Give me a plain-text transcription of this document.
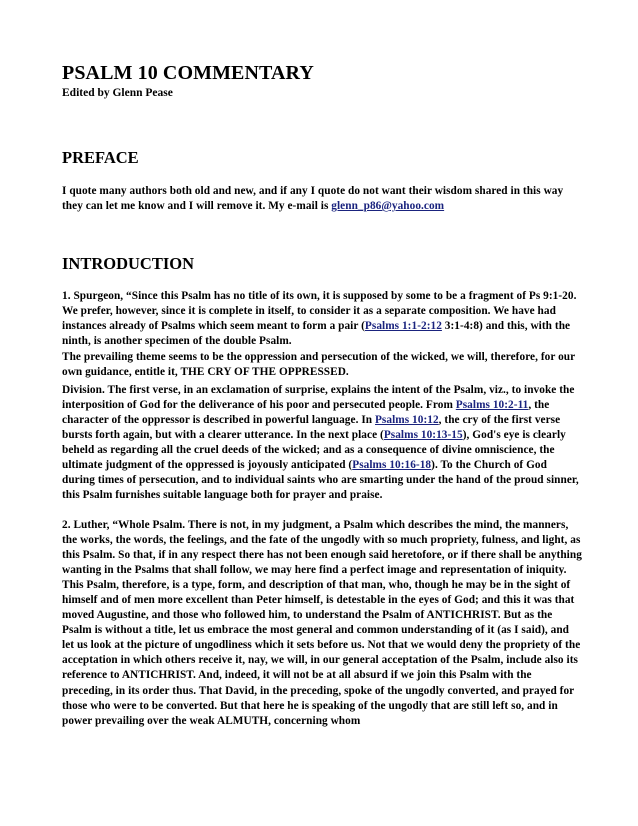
PSALM 10 COMMENTARY
Edited by Glenn Pease
PREFACE

I quote many authors both old and new, and if any I quote do not want their wisdom shared in this way they can let me know and I will remove it. My e-mail is glenn_p86@yahoo.com

INTRODUCTION

1. Spurgeon, “Since this Psalm has no title of its own, it is supposed by some to be a fragment of Ps 9:1-20. We prefer, however, since it is complete in itself, to consider it as a separate composition. We have had instances already of Psalms which seem meant to form a pair (Psalms 1:1-2:12 3:1-4:8) and this, with the ninth, is another specimen of the double Psalm.

The prevailing theme seems to be the oppression and persecution of the wicked, we will, therefore, for our own guidance, entitle it, THE CRY OF THE OPPRESSED.

Division. The first verse, in an exclamation of surprise, explains the intent of the Psalm, viz., to invoke the interposition of God for the deliverance of his poor and persecuted people. From Psalms 10:2-11, the character of the oppressor is described in powerful language. In Psalms 10:12, the cry of the first verse bursts forth again, but with a clearer utterance. In the next place (Psalms 10:13-15), God's eye is clearly beheld as regarding all the cruel deeds of the wicked; and as a consequence of divine omniscience, the ultimate judgment of the oppressed is joyously anticipated (Psalms 10:16-18). To the Church of God during times of persecution, and to individual saints who are smarting under the hand of the proud sinner, this Psalm furnishes suitable language both for prayer and praise.

2. Luther, “Whole Psalm. There is not, in my judgment, a Psalm which describes the mind, the manners, the works, the words, the feelings, and the fate of the ungodly with so much propriety, fulness, and light, as this Psalm. So that, if in any respect there has not been enough said heretofore, or if there shall be anything wanting in the Psalms that shall follow, we may here find a perfect image and representation of iniquity. This Psalm, therefore, is a type, form, and description of that man, who, though he may be in the sight of himself and of men more excellent than Peter himself, is detestable in the eyes of God; and this it was that moved Augustine, and those who followed him, to understand the Psalm of ANTICHRIST. But as the Psalm is without a title, let us embrace the most general and common understanding of it (as I said), and let us look at the picture of ungodliness which it sets before us. Not that we would deny the propriety of the acceptation in which others receive it, nay, we will, in our general acceptation of the Psalm, include also its reference to ANTICHRIST. And, indeed, it will not be at all absurd if we join this Psalm with the preceding, in its order thus. That David, in the preceding, spoke of the ungodly converted, and prayed for those who were to be converted. But that here he is speaking of the ungodly that are still left so, and in power prevailing over the weak ALMUTH, concerning whom
